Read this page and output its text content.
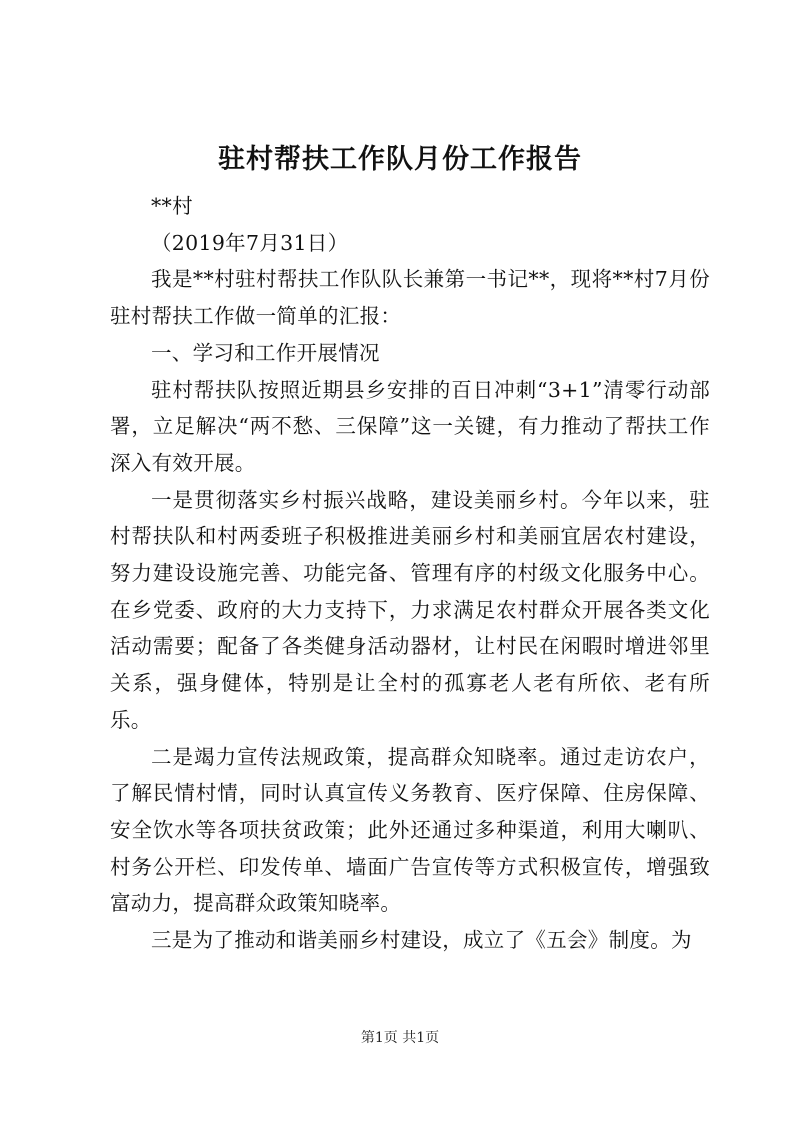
驻村帮扶工作队月份工作报告

**村

（2019年7月31日）

我是**村驻村帮扶工作队队长兼第一书记**，现将**村7月份驻村帮扶工作做一简单的汇报：

一、学习和工作开展情况

驻村帮扶队按照近期县乡安排的百日冲刺“3+1”清零行动部署，立足解决“两不愁、三保障”这一关键，有力推动了帮扶工作深入有效开展。

一是贯彻落实乡村振兴战略，建设美丽乡村。今年以来，驻村帮扶队和村两委班子积极推进美丽乡村和美丽宜居农村建设，努力建设设施完善、功能完备、管理有序的村级文化服务中心。在乡党委、政府的大力支持下，力求满足农村群众开展各类文化活动需要；配备了各类健身活动器材，让村民在闲暇时增进邻里关系，强身健体，特别是让全村的孤寡老人老有所依、老有所乐。

二是竭力宣传法规政策，提高群众知晓率。通过走访农户，了解民情村情，同时认真宣传义务教育、医疗保障、住房保障、安全饮水等各项扶贫政策；此外还通过多种渠道，利用大喇叭、村务公开栏、印发传单、墙面广告宣传等方式积极宣传，增强致富动力，提高群众政策知晓率。

三是为了推动和谐美丽乡村建设，成立了《五会》制度。为

第1页 共1页
